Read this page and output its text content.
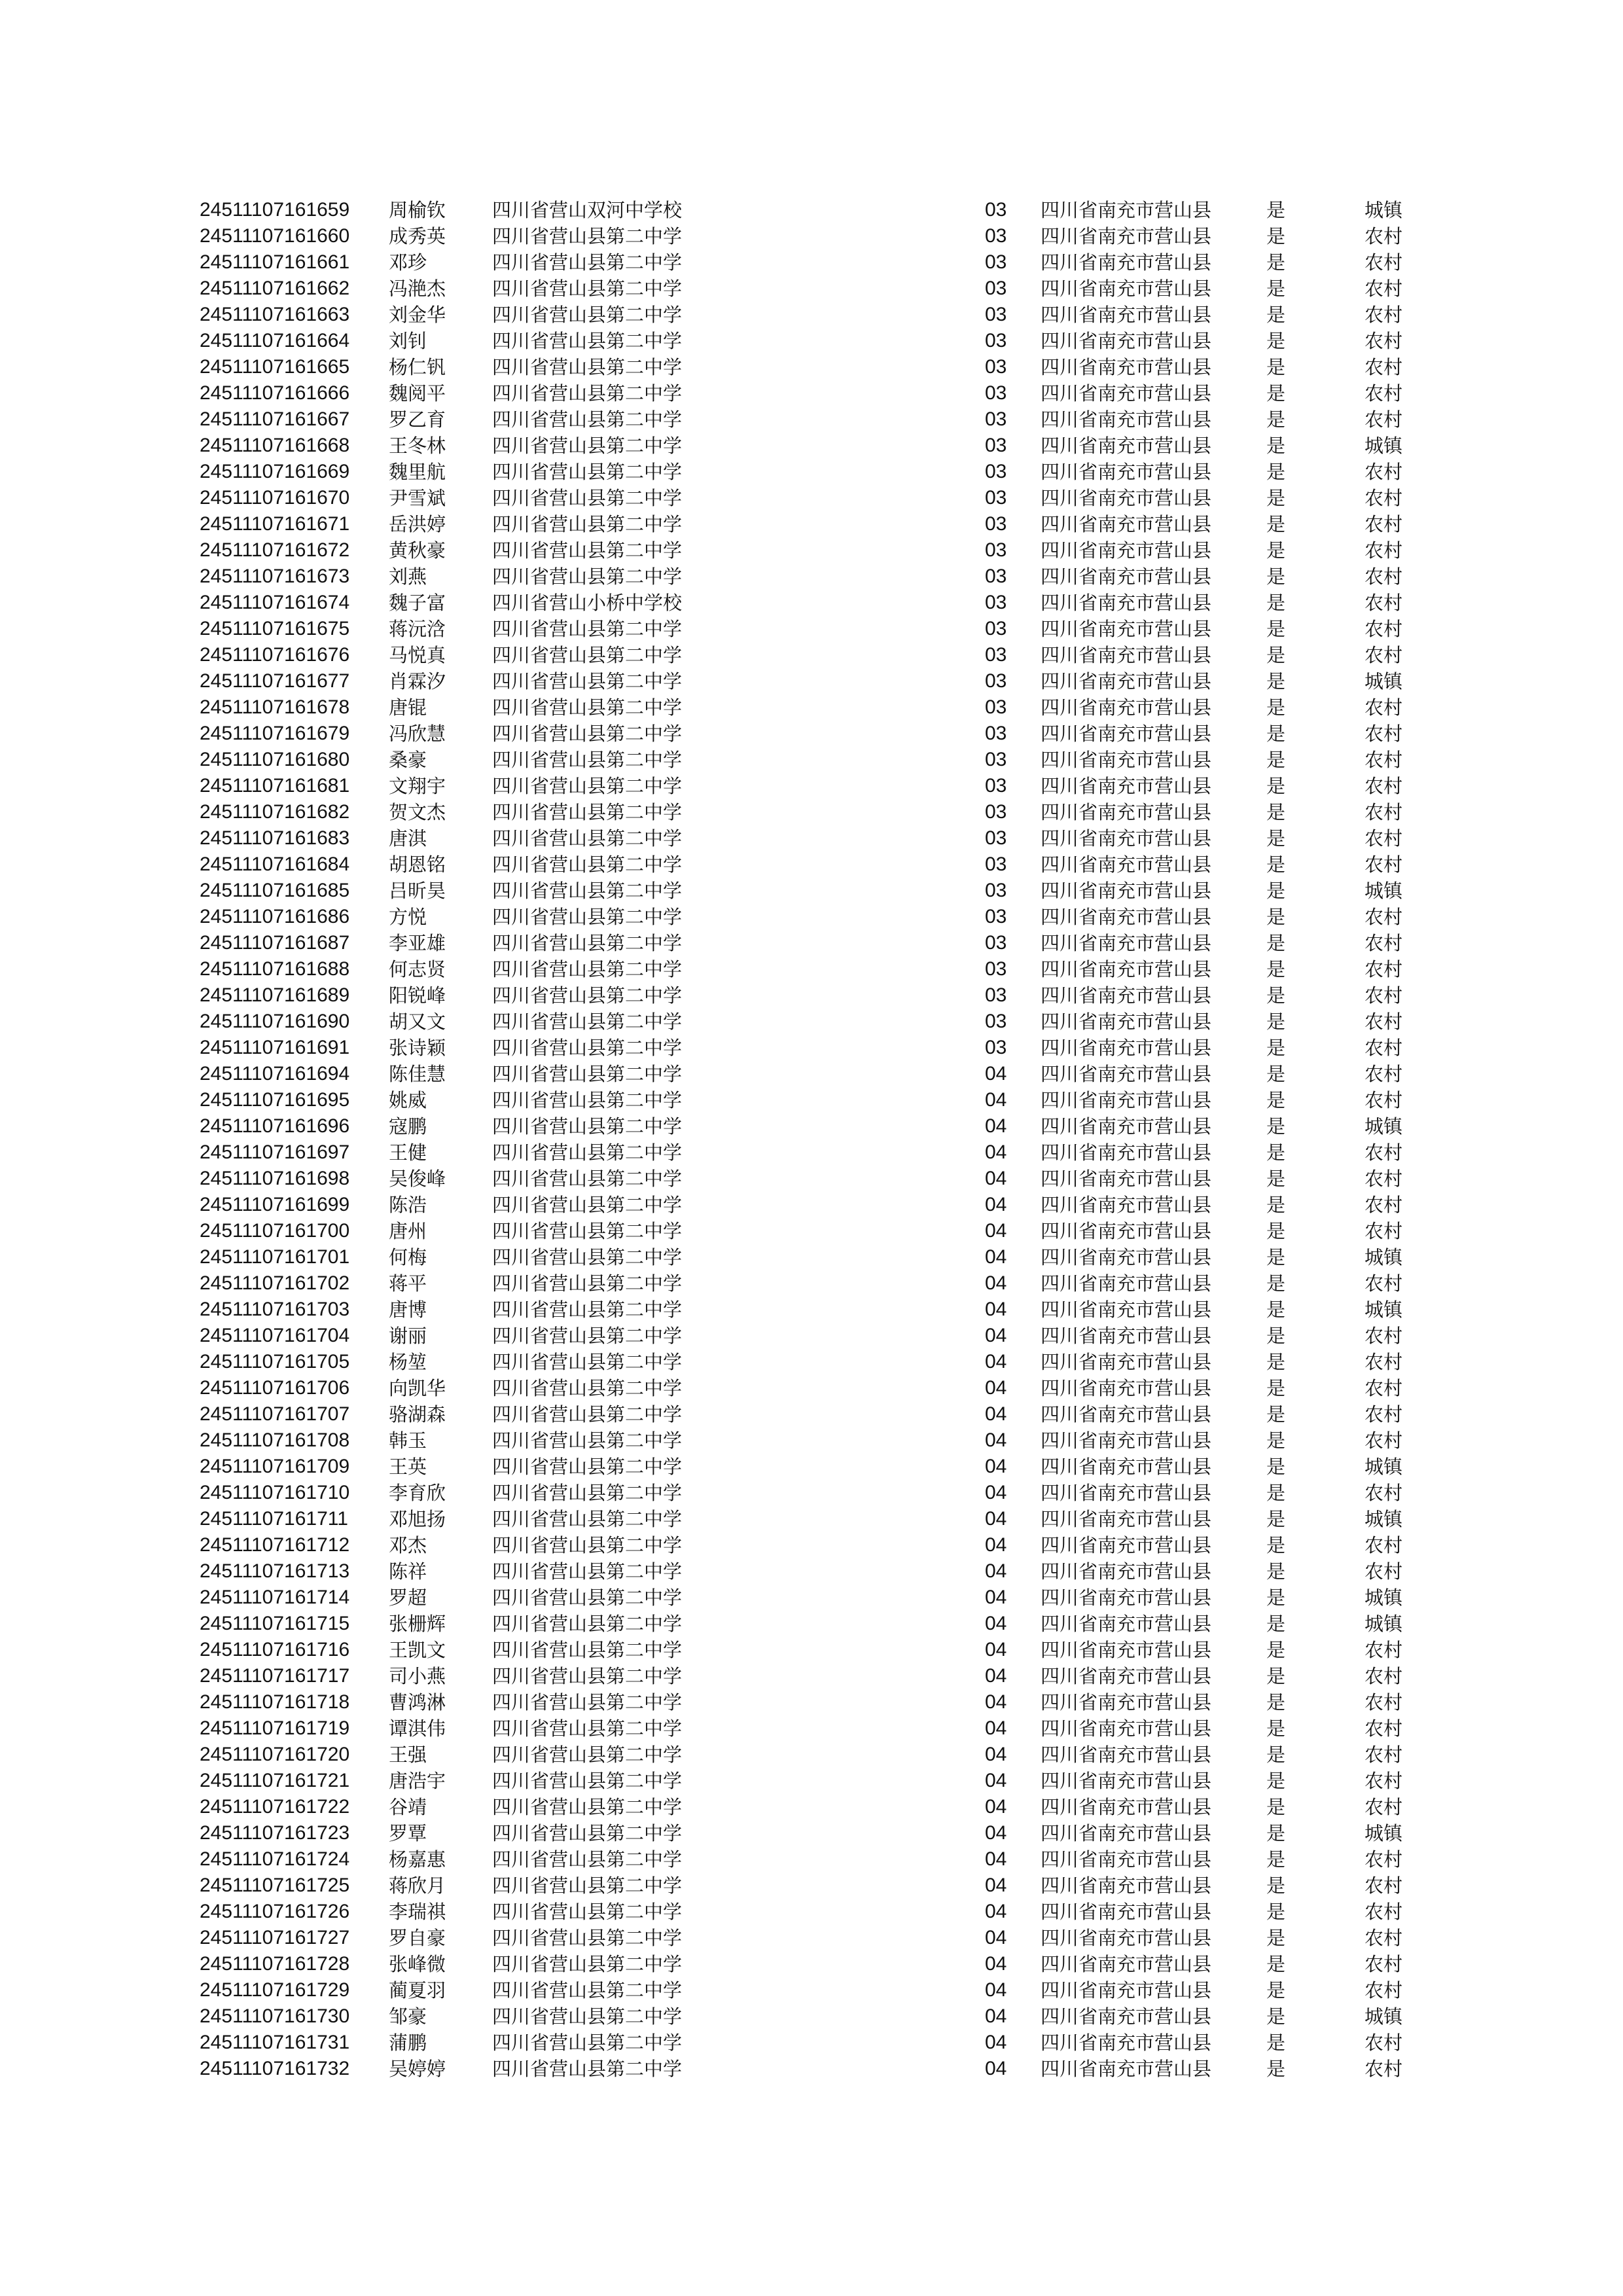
24511107161659 周榆钦 四川省营山双河中学校	03 四川省南充市营山县	是	城镇
24511107161660 成秀英 四川省营山县第二中学	03 四川省南充市营山县	是	农村
24511107161661 邓珍	四川省营山县第二中学	03 四川省南充市营山县	是	农村
24511107161662 冯滟杰 四川省营山县第二中学	03 四川省南充市营山县	是	农村
24511107161663 刘金华 四川省营山县第二中学	03 四川省南充市营山县	是	农村
24511107161664 刘钊	四川省营山县第二中学	03 四川省南充市营山县	是	农村
24511107161665 杨仁钒 四川省营山县第二中学	03 四川省南充市营山县	是	农村
24511107161666 魏阅平 四川省营山县第二中学	03 四川省南充市营山县	是	农村
24511107161667 罗乙育 四川省营山县第二中学	03 四川省南充市营山县	是	农村
24511107161668 王冬林 四川省营山县第二中学	03 四川省南充市营山县	是	城镇
24511107161669 魏里航 四川省营山县第二中学	03 四川省南充市营山县	是	农村
24511107161670 尹雪斌 四川省营山县第二中学	03 四川省南充市营山县	是	农村
24511107161671 岳洪婷 四川省营山县第二中学	03 四川省南充市营山县	是	农村
24511107161672 黄秋豪 四川省营山县第二中学	03 四川省南充市营山县	是	农村
24511107161673 刘燕	四川省营山县第二中学	03 四川省南充市营山县	是	农村
24511107161674 魏子富 四川省营山小桥中学校	03 四川省南充市营山县	是	农村
24511107161675 蒋沅浛 四川省营山县第二中学	03 四川省南充市营山县	是	农村
24511107161676 马悦真 四川省营山县第二中学	03 四川省南充市营山县	是	农村
24511107161677 肖霖汐 四川省营山县第二中学	03 四川省南充市营山县	是	城镇
24511107161678 唐锟	四川省营山县第二中学	03 四川省南充市营山县	是	农村
24511107161679 冯欣慧 四川省营山县第二中学	03 四川省南充市营山县	是	农村
24511107161680 桑豪	四川省营山县第二中学	03 四川省南充市营山县	是	农村
24511107161681 文翔宇 四川省营山县第二中学	03 四川省南充市营山县	是	农村
24511107161682 贺文杰 四川省营山县第二中学	03 四川省南充市营山县	是	农村
24511107161683 唐淇	四川省营山县第二中学	03 四川省南充市营山县	是	农村
24511107161684 胡恩铭 四川省营山县第二中学	03 四川省南充市营山县	是	农村
24511107161685 吕昕昊 四川省营山县第二中学	03 四川省南充市营山县	是	城镇
24511107161686 方悦	四川省营山县第二中学	03 四川省南充市营山县	是	农村
24511107161687 李亚雄 四川省营山县第二中学	03 四川省南充市营山县	是	农村
24511107161688 何志贤 四川省营山县第二中学	03 四川省南充市营山县	是	农村
24511107161689 阳锐峰 四川省营山县第二中学	03 四川省南充市营山县	是	农村
24511107161690 胡又文 四川省营山县第二中学	03 四川省南充市营山县	是	农村
24511107161691 张诗颖 四川省营山县第二中学	03 四川省南充市营山县	是	农村
24511107161694 陈佳慧 四川省营山县第二中学	04 四川省南充市营山县	是	农村
24511107161695 姚威	四川省营山县第二中学	04 四川省南充市营山县	是	农村
24511107161696 寇鹏	四川省营山县第二中学	04 四川省南充市营山县	是	城镇
24511107161697 王健	四川省营山县第二中学	04 四川省南充市营山县	是	农村
24511107161698 吴俊峰 四川省营山县第二中学	04 四川省南充市营山县	是	农村
24511107161699 陈浩	四川省营山县第二中学	04 四川省南充市营山县	是	农村
24511107161700 唐州	四川省营山县第二中学	04 四川省南充市营山县	是	农村
24511107161701 何梅	四川省营山县第二中学	04 四川省南充市营山县	是	城镇
24511107161702 蒋平	四川省营山县第二中学	04 四川省南充市营山县	是	农村
24511107161703 唐博	四川省营山县第二中学	04 四川省南充市营山县	是	城镇
24511107161704 谢丽	四川省营山县第二中学	04 四川省南充市营山县	是	农村
24511107161705 杨堃	四川省营山县第二中学	04 四川省南充市营山县	是	农村
24511107161706 向凯华 四川省营山县第二中学	04 四川省南充市营山县	是	农村
24511107161707 骆湖森 四川省营山县第二中学	04 四川省南充市营山县	是	农村
24511107161708 韩玉	四川省营山县第二中学	04 四川省南充市营山县	是	农村
24511107161709 王英	四川省营山县第二中学	04 四川省南充市营山县	是	城镇
24511107161710 李育欣 四川省营山县第二中学	04 四川省南充市营山县	是	农村
24511107161711 邓旭扬 四川省营山县第二中学	04 四川省南充市营山县	是	城镇
24511107161712 邓杰	四川省营山县第二中学	04 四川省南充市营山县	是	农村
24511107161713 陈祥	四川省营山县第二中学	04 四川省南充市营山县	是	农村
24511107161714 罗超	四川省营山县第二中学	04 四川省南充市营山县	是	城镇
24511107161715 张栅辉 四川省营山县第二中学	04 四川省南充市营山县	是	城镇
24511107161716 王凯文 四川省营山县第二中学	04 四川省南充市营山县	是	农村
24511107161717 司小燕 四川省营山县第二中学	04 四川省南充市营山县	是	农村
24511107161718 曹鸿淋 四川省营山县第二中学	04 四川省南充市营山县	是	农村
24511107161719 谭淇伟 四川省营山县第二中学	04 四川省南充市营山县	是	农村
24511107161720 王强	四川省营山县第二中学	04 四川省南充市营山县	是	农村
24511107161721 唐浩宇 四川省营山县第二中学	04 四川省南充市营山县	是	农村
24511107161722 谷靖	四川省营山县第二中学	04 四川省南充市营山县	是	农村
24511107161723 罗覃	四川省营山县第二中学	04 四川省南充市营山县	是	城镇
24511107161724 杨嘉惠 四川省营山县第二中学	04 四川省南充市营山县	是	农村
24511107161725 蒋欣月 四川省营山县第二中学	04 四川省南充市营山县	是	农村
24511107161726 李瑞祺 四川省营山县第二中学	04 四川省南充市营山县	是	农村
24511107161727 罗自豪 四川省营山县第二中学	04 四川省南充市营山县	是	农村
24511107161728 张峰微 四川省营山县第二中学	04 四川省南充市营山县	是	农村
24511107161729 蔺夏羽 四川省营山县第二中学	04 四川省南充市营山县	是	农村
24511107161730 邹豪	四川省营山县第二中学	04 四川省南充市营山县	是	城镇
24511107161731 蒲鹏	四川省营山县第二中学	04 四川省南充市营山县	是	农村
24511107161732 吴婷婷 四川省营山县第二中学	04 四川省南充市营山县	是	农村
